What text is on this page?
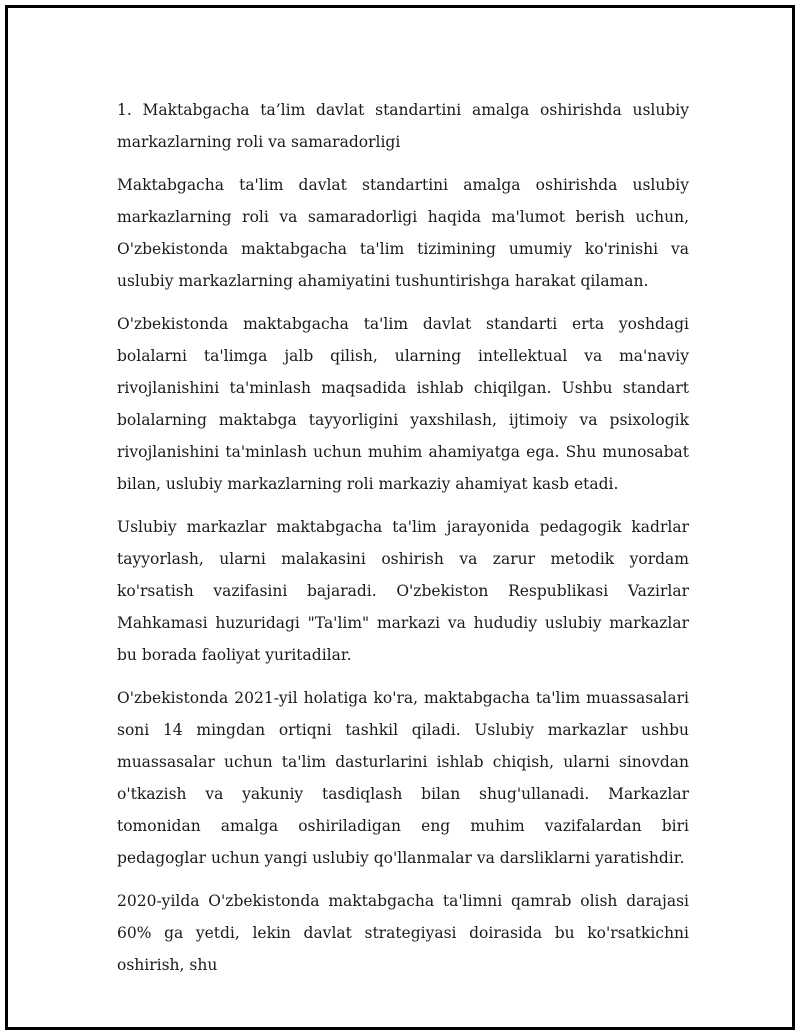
1. Maktabgacha ta’lim davlat standartini amalga oshirishda uslubiy markazlarning roli va samaradorligi

Maktabgacha ta'lim davlat standartini amalga oshirishda uslubiy markazlarning roli va samaradorligi haqida ma'lumot berish uchun, O'zbekistonda maktabgacha ta'lim tizimining umumiy ko'rinishi va uslubiy markazlarning ahamiyatini tushuntirishga harakat qilaman.

O'zbekistonda maktabgacha ta'lim davlat standarti erta yoshdagi bolalarni ta'limga jalb qilish, ularning intellektual va ma'naviy rivojlanishini ta'minlash maqsadida ishlab chiqilgan. Ushbu standart bolalarning maktabga tayyorligini yaxshilash, ijtimoiy va psixologik rivojlanishini ta'minlash uchun muhim ahamiyatga ega. Shu munosabat bilan, uslubiy markazlarning roli markaziy ahamiyat kasb etadi.

Uslubiy markazlar maktabgacha ta'lim jarayonida pedagogik kadrlar tayyorlash, ularni malakasini oshirish va zarur metodik yordam ko'rsatish vazifasini bajaradi. O'zbekiston Respublikasi Vazirlar Mahkamasi huzuridagi "Ta'lim" markazi va hududiy uslubiy markazlar bu borada faoliyat yuritadilar.

O'zbekistonda 2021-yil holatiga ko'ra, maktabgacha ta'lim muassasalari soni 14 mingdan ortiqni tashkil qiladi. Uslubiy markazlar ushbu muassasalar uchun ta'lim dasturlarini ishlab chiqish, ularni sinovdan o'tkazish va yakuniy tasdiqlash bilan shug'ullanadi. Markazlar tomonidan amalga oshiriladigan eng muhim vazifalardan biri pedagoglar uchun yangi uslubiy qo'llanmalar va darsliklarni yaratishdir.

2020-yilda O'zbekistonda maktabgacha ta'limni qamrab olish darajasi 60% ga yetdi, lekin davlat strategiyasi doirasida bu ko'rsatkichni oshirish, shu
